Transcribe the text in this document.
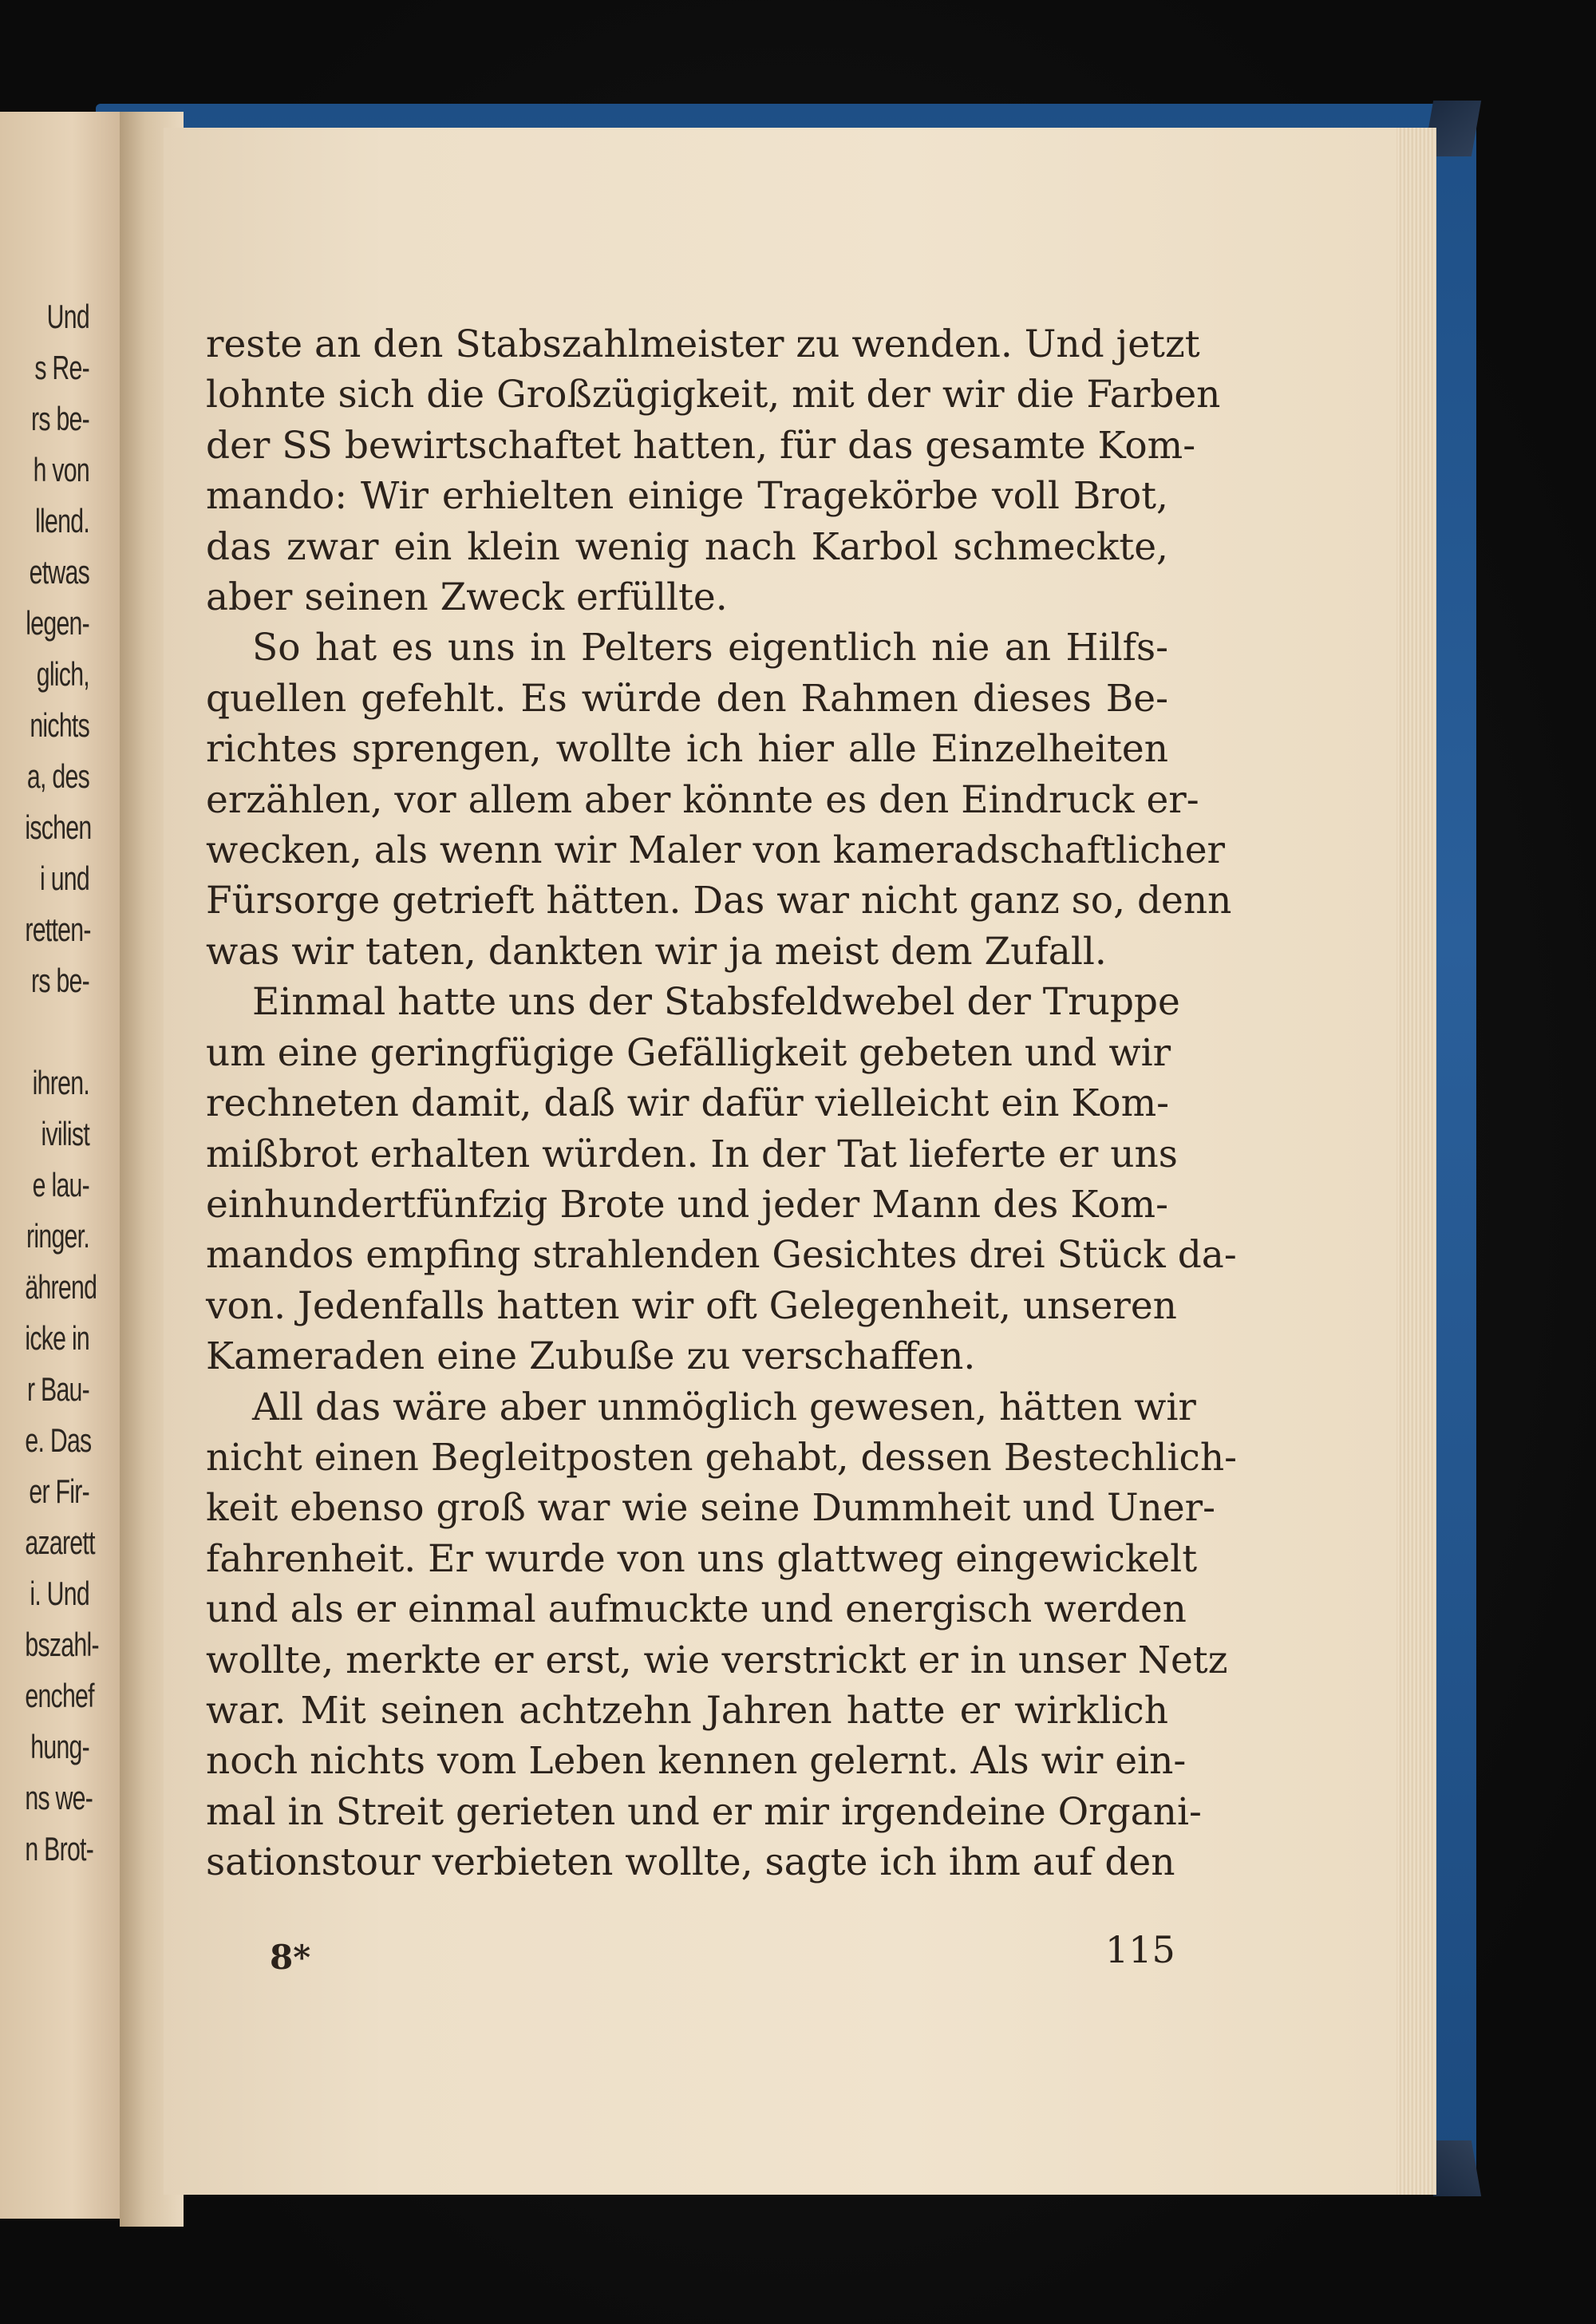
Und
s Re-
rs be-
h von
llend.
etwas
legen-
glich,
nichts
a, des
ischen
i und
retten-
rs be-

ihren.
ivilist
e lau-
ringer.
ährend
icke in
r Bau-
e. Das
er Fir-
azarett
i. Und
bszahl-
enchef
hung-
ns we-
n Brot-
reste an den Stabszahlmeister zu wenden. Und jetzt
lohnte sich die Großzügigkeit, mit der wir die Farben
der SS bewirtschaftet hatten, für das gesamte Kom-
mando: Wir erhielten einige Tragekörbe voll Brot,
das zwar ein klein wenig nach Karbol schmeckte,
aber seinen Zweck erfüllte.
So hat es uns in Pelters eigentlich nie an Hilfs-
quellen gefehlt. Es würde den Rahmen dieses Be-
richtes sprengen, wollte ich hier alle Einzelheiten
erzählen, vor allem aber könnte es den Eindruck er-
wecken, als wenn wir Maler von kameradschaftlicher
Fürsorge getrieft hätten. Das war nicht ganz so, denn
was wir taten, dankten wir ja meist dem Zufall.
Einmal hatte uns der Stabsfeldwebel der Truppe
um eine geringfügige Gefälligkeit gebeten und wir
rechneten damit, daß wir dafür vielleicht ein Kom-
mißbrot erhalten würden. In der Tat lieferte er uns
einhundertfünfzig Brote und jeder Mann des Kom-
mandos empfing strahlenden Gesichtes drei Stück da-
von. Jedenfalls hatten wir oft Gelegenheit, unseren
Kameraden eine Zubuße zu verschaffen.
All das wäre aber unmöglich gewesen, hätten wir
nicht einen Begleitposten gehabt, dessen Bestechlich-
keit ebenso groß war wie seine Dummheit und Uner-
fahrenheit. Er wurde von uns glattweg eingewickelt
und als er einmal aufmuckte und energisch werden
wollte, merkte er erst, wie verstrickt er in unser Netz
war. Mit seinen achtzehn Jahren hatte er wirklich
noch nichts vom Leben kennen gelernt. Als wir ein-
mal in Streit gerieten und er mir irgendeine Organi-
sationstour verbieten wollte, sagte ich ihm auf den
8*	115
